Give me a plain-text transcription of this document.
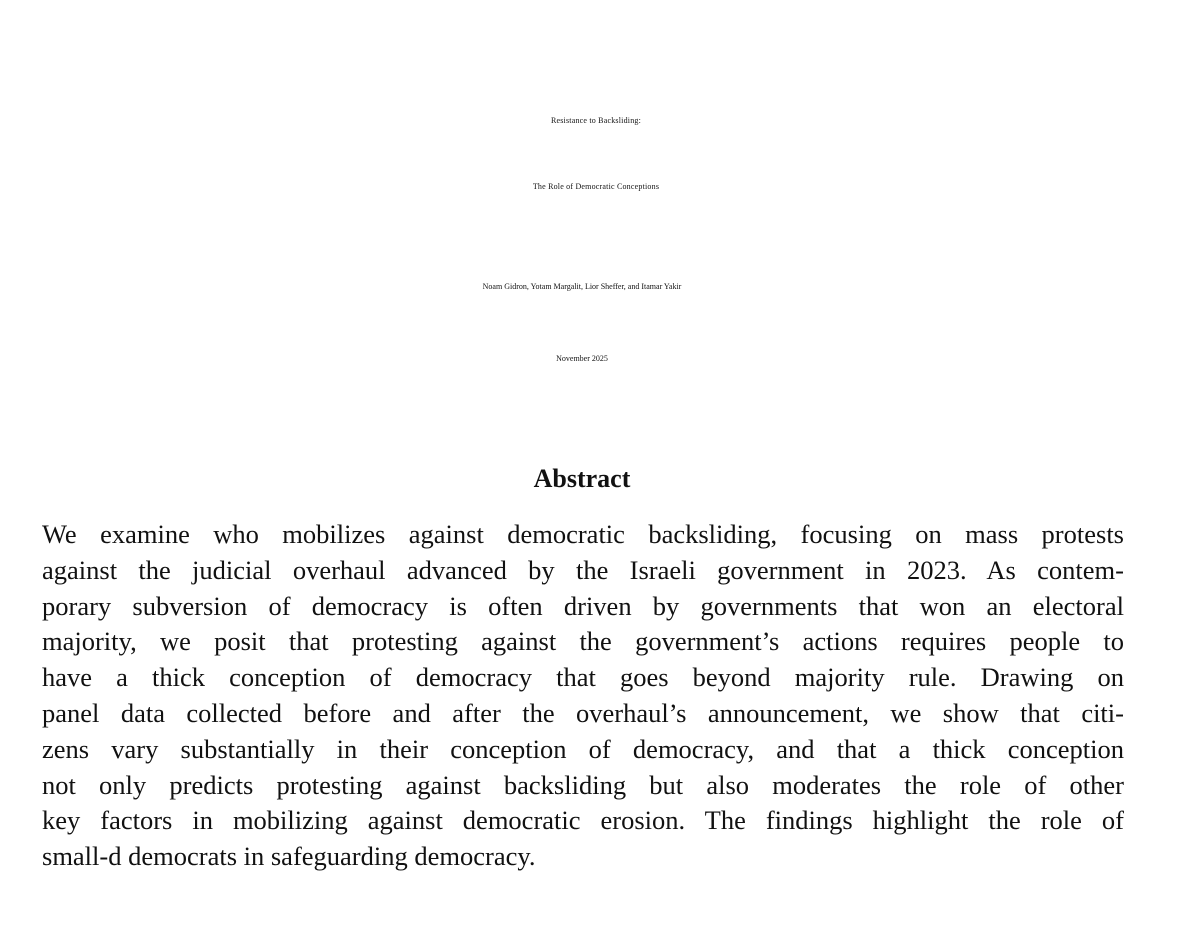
Resistance to Backsliding:
The Role of Democratic Conceptions
Noam Gidron, Yotam Margalit, Lior Sheffer, and Itamar Yakir
November 2025
Abstract
We examine who mobilizes against democratic backsliding, focusing on mass protests
against the judicial overhaul advanced by the Israeli government in 2023. As contem-
porary subversion of democracy is often driven by governments that won an electoral
majority, we posit that protesting against the government’s actions requires people to
have a thick conception of democracy that goes beyond majority rule. Drawing on
panel data collected before and after the overhaul’s announcement, we show that citi-
zens vary substantially in their conception of democracy, and that a thick conception
not only predicts protesting against backsliding but also moderates the role of other
key factors in mobilizing against democratic erosion. The findings highlight the role of
small-d democrats in safeguarding democracy.
